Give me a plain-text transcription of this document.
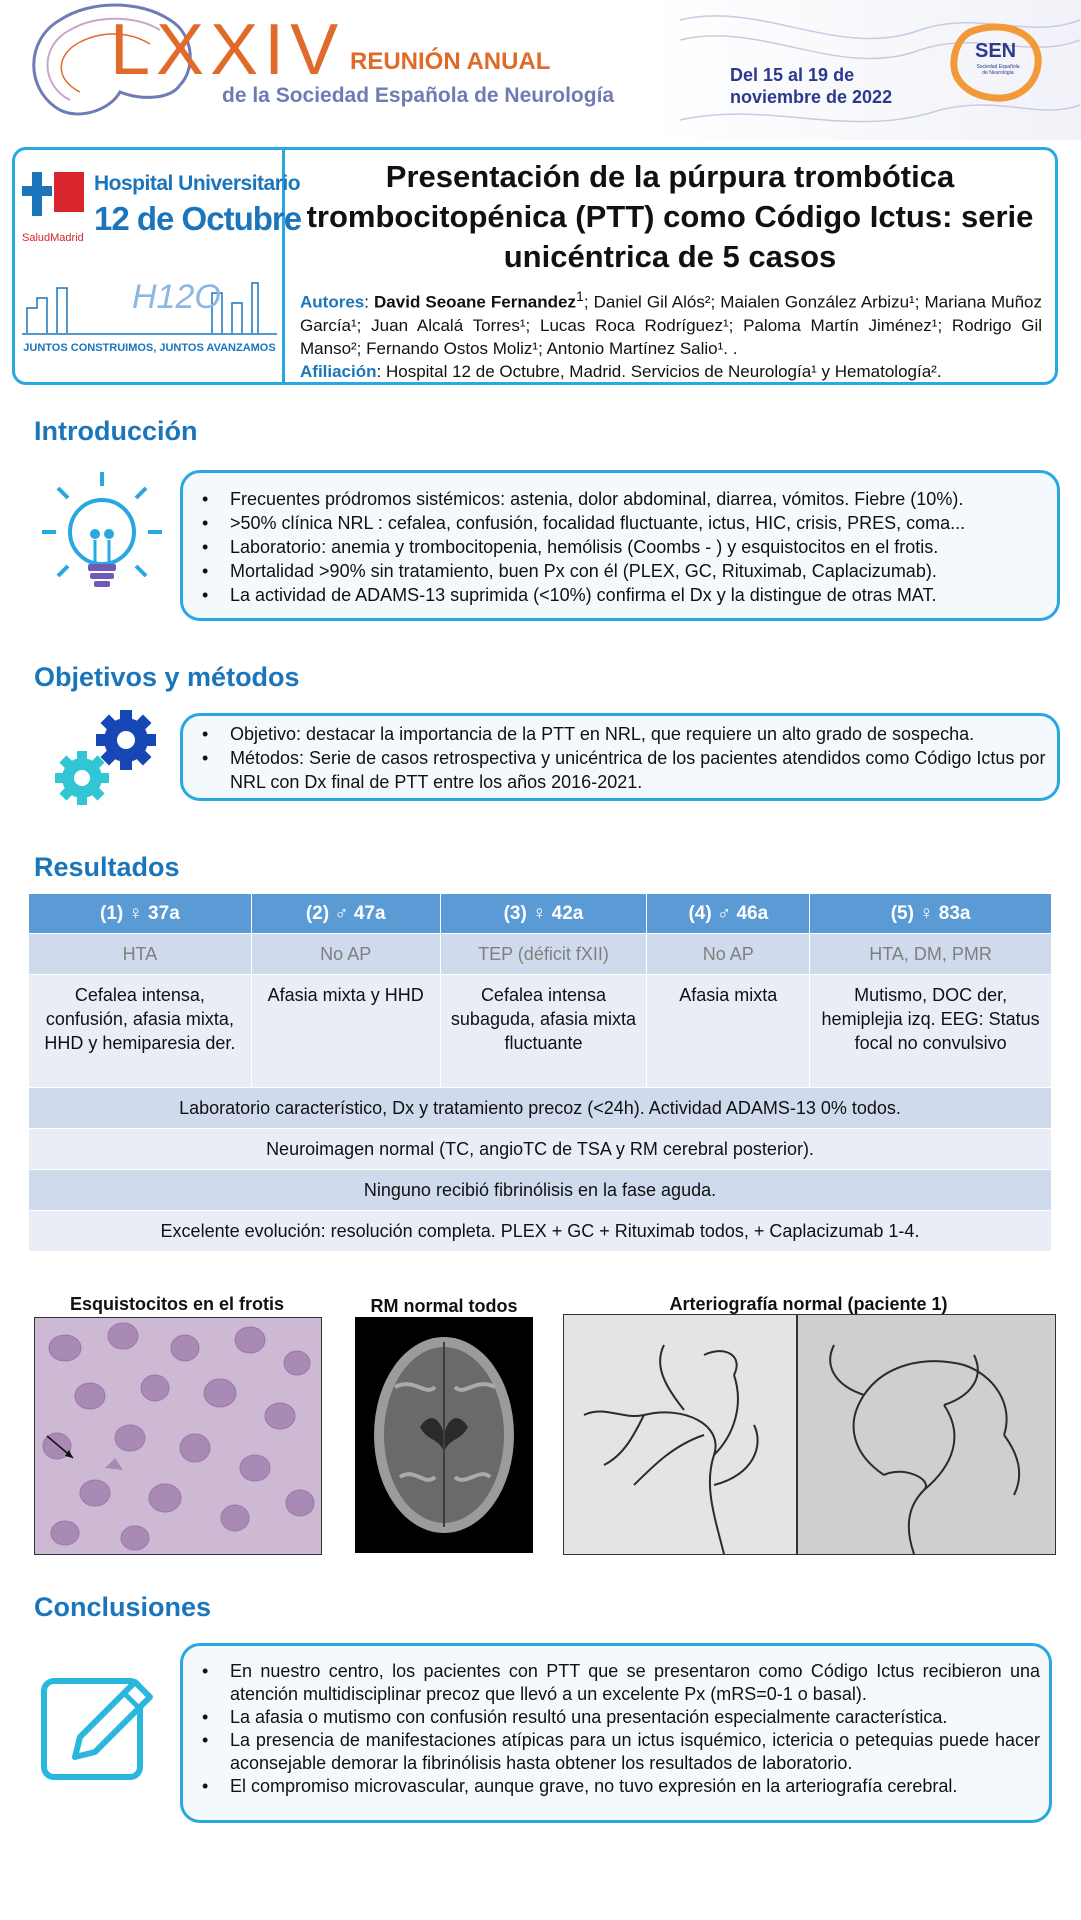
LXXIV REUNIÓN ANUAL
de la Sociedad Española de Neurología
Del 15 al 19 de noviembre de 2022
SEN
Sociedad Española de Neurología
Hospital Universitario
12 de Octubre
SaludMadrid
H12O
JUNTOS CONSTRUIMOS, JUNTOS AVANZAMOS
Presentación de la púrpura trombótica trombocitopénica (PTT) como Código Ictus: serie unicéntrica de 5 casos
Autores: David Seoane Fernandez$^1$; Daniel Gil Alós²; Maialen González Arbizu¹; Mariana Muñoz García¹; Juan Alcalá Torres¹; Lucas Roca Rodríguez¹; Paloma Martín Jiménez¹; Rodrigo Gil Manso²; Fernando Ostos Moliz¹; Antonio Martínez Salio¹. .
Afiliación: Hospital 12 de Octubre, Madrid. Servicios de Neurología¹ y Hematología².
Introducción
• Frecuentes pródromos sistémicos: astenia, dolor abdominal, diarrea, vómitos. Fiebre (10%).
• >50% clínica NRL : cefalea, confusión, focalidad fluctuante, ictus, HIC, crisis, PRES, coma...
• Laboratorio: anemia y trombocitopenia, hemólisis (Coombs - ) y esquistocitos en el frotis.
• Mortalidad >90% sin tratamiento, buen Px con él (PLEX, GC, Rituximab, Caplacizumab).
• La actividad de ADAMS-13 suprimida (<10%) confirma el Dx y la distingue de otras MAT.
Objetivos y métodos
• Objetivo: destacar la importancia de la PTT en NRL, que requiere un alto grado de sospecha.
• Métodos: Serie de casos retrospectiva y unicéntrica de los pacientes atendidos como Código Ictus por NRL con Dx final de PTT entre los años 2016-2021.
Resultados
(1) ♀ 37a	(2) ♂ 47a	(3) ♀ 42a	(4) ♂ 46a	(5) ♀ 83a
HTA	No AP	TEP (déficit fXII)	No AP	HTA, DM, PMR
Cefalea intensa, confusión, afasia mixta, HHD y hemiparesia der.	Afasia mixta y HHD	Cefalea intensa subaguda, afasia mixta fluctuante	Afasia mixta	Mutismo, DOC der, hemiplejia izq. EEG: Status focal no convulsivo
Laboratorio característico, Dx y tratamiento precoz (<24h). Actividad ADAMS-13 0% todos.				
Neuroimagen normal (TC, angioTC de TSA y RM cerebral posterior).				
Ninguno recibió fibrinólisis en la fase aguda.				
Excelente evolución: resolución completa. PLEX + GC + Rituximab todos, + Caplacizumab 1-4.				
Esquistocitos en el frotis	RM normal todos	Arteriografía normal (paciente 1)
Conclusiones
• En nuestro centro, los pacientes con PTT que se presentaron como Código Ictus recibieron una atención multidisciplinar precoz que llevó a un excelente Px (mRS=0-1 o basal).
• La afasia o mutismo con confusión resultó una presentación especialmente característica.
• La presencia de manifestaciones atípicas para un ictus isquémico, ictericia o petequias puede hacer aconsejable demorar la fibrinólisis hasta obtener los resultados de laboratorio.
• El compromiso microvascular, aunque grave, no tuvo expresión en la arteriografía cerebral.
